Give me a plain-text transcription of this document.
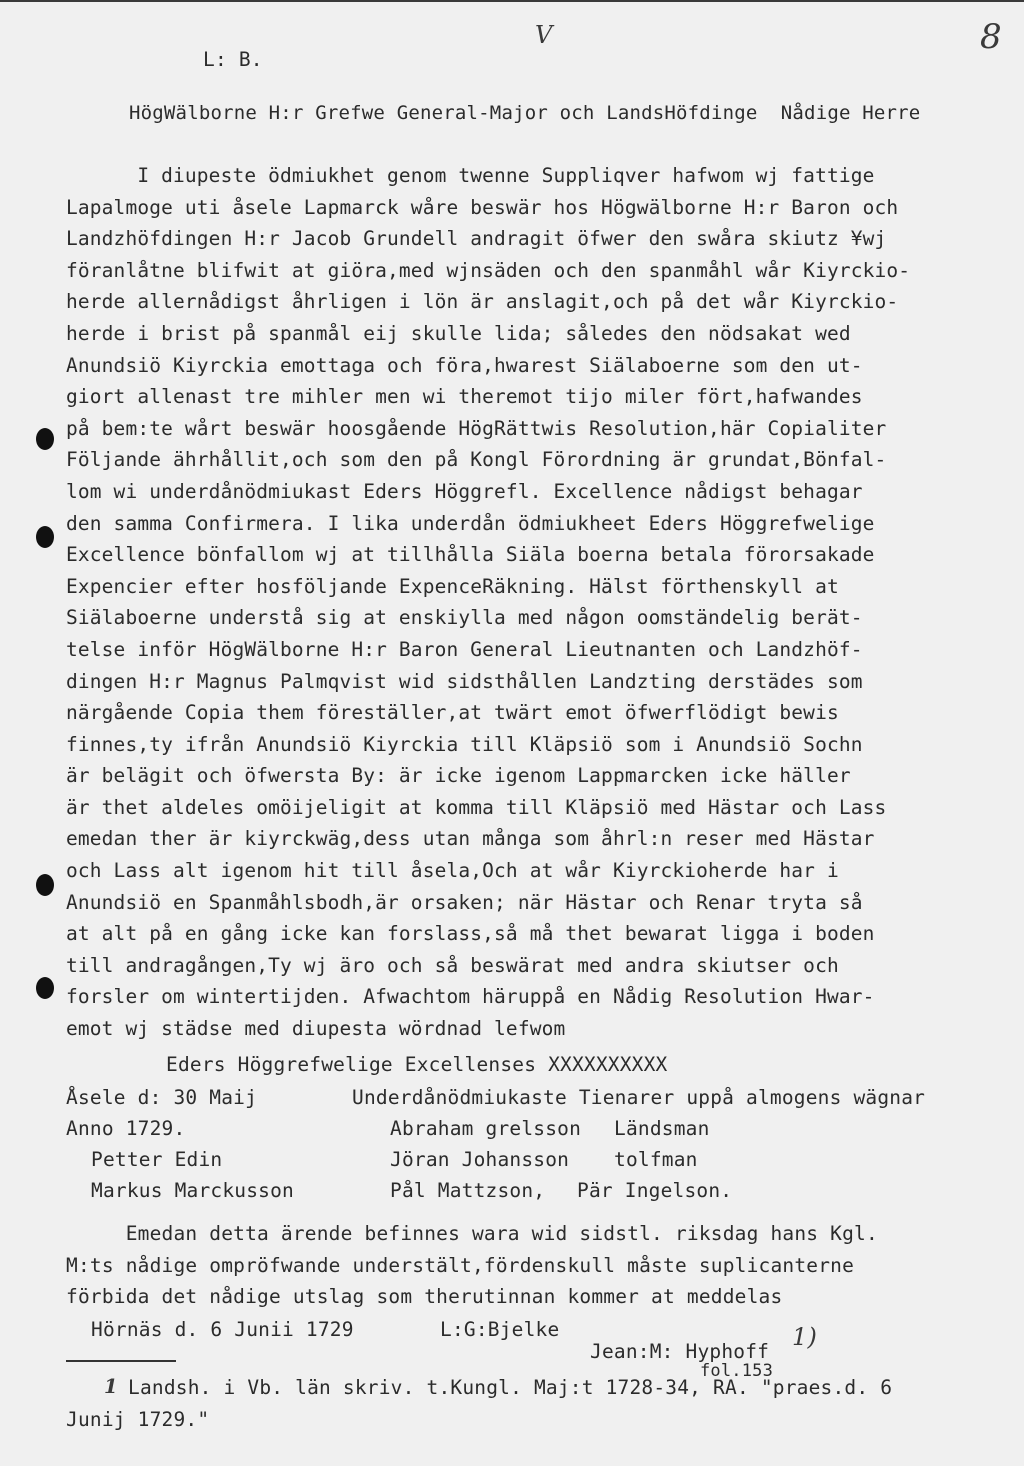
L: B.
V	8
HögWälborne H:r Grefwe General-Major och LandsHöfdinge  Nådige Herre
I diupeste ödmiukhet genom twenne Suppliqver hafwom wj fattige
Lapalmoge uti åsele Lapmarck wåre beswär hos Högwälborne H:r Baron och
Landzhöfdingen H:r Jacob Grundell andragit öfwer den swåra skiutz ¥wj
föranlåtne blifwit at giöra,med wjnsäden och den spanmåhl wår Kiyrckio-
herde allernådigst åhrligen i lön är anslagit,och på det wår Kiyrckio-
herde i brist på spanmål eij skulle lida; således den nödsakat wed
Anundsiö Kiyrckia emottaga och föra,hwarest Siälaboerne som den ut-
giort allenast tre mihler men wi theremot tijo miler fört,hafwandes
på bem:te wårt beswär hoosgående HögRättwis Resolution,här Copialiter
Följande ährhållit,och som den på Kongl Förordning är grundat,Bönfal-
lom wi underdånödmiukast Eders Höggrefl. Excellence nådigst behagar
den samma Confirmera. I lika underdån ödmiukheet Eders Höggrefwelige
Excellence bönfallom wj at tillhålla Siäla boerna betala förorsakade
Expencier efter hosföljande ExpenceRäkning. Hälst förthenskyll at
Siälaboerne understå sig at enskiylla med någon oomständelig berät-
telse inför HögWälborne H:r Baron General Lieutnanten och Landzhöf-
dingen H:r Magnus Palmqvist wid sidsthållen Landzting derstädes som
närgående Copia them föreställer,at twärt emot öfwerflödigt bewis
finnes,ty ifrån Anundsiö Kiyrckia till Kläpsiö som i Anundsiö Sochn
är belägit och öfwersta By: är icke igenom Lappmarcken icke häller
är thet aldeles omöijeligit at komma till Kläpsiö med Hästar och Lass
emedan ther är kiyrckwäg,dess utan många som åhrl:n reser med Hästar
och Lass alt igenom hit till åsela,Och at wår Kiyrckioherde har i
Anundsiö en Spanmåhlsbodh,är orsaken; när Hästar och Renar tryta så
at alt på en gång icke kan forslass,så må thet bewarat ligga i boden
till andragången,Ty wj äro och så beswärat med andra skiutser och
forsler om wintertijden. Afwachtom häruppå en Nådig Resolution Hwar-
emot wj städse med diupesta wördnad lefwom
Eders Höggrefwelige Excellenses XXXXXXXXXX
Åsele d: 30 Maij	Underdånödmiukaste Tienarer uppå almogens wägnar
Anno 1729.	Abraham grelsson Ländsman
Petter Edin	Jöran Johansson tolfman
Markus Marckusson	Pål Mattzson, Pär Ingelson.
Emedan detta ärende befinnes wara wid sidstl. riksdag hans Kgl.
M:ts nådige ompröfwande understält,fördenskull måste suplicanterne
förbida det nådige utslag som therutinnan kommer at meddelas
Hörnäs d. 6 Junii 1729	L:G:Bjelke
Jean:M: Hyphoff
1)
fol.153
1 Landsh. i Vb. län skriv. t.Kungl. Maj:t 1728-34, RA. "praes.d. 6
Junij 1729."
